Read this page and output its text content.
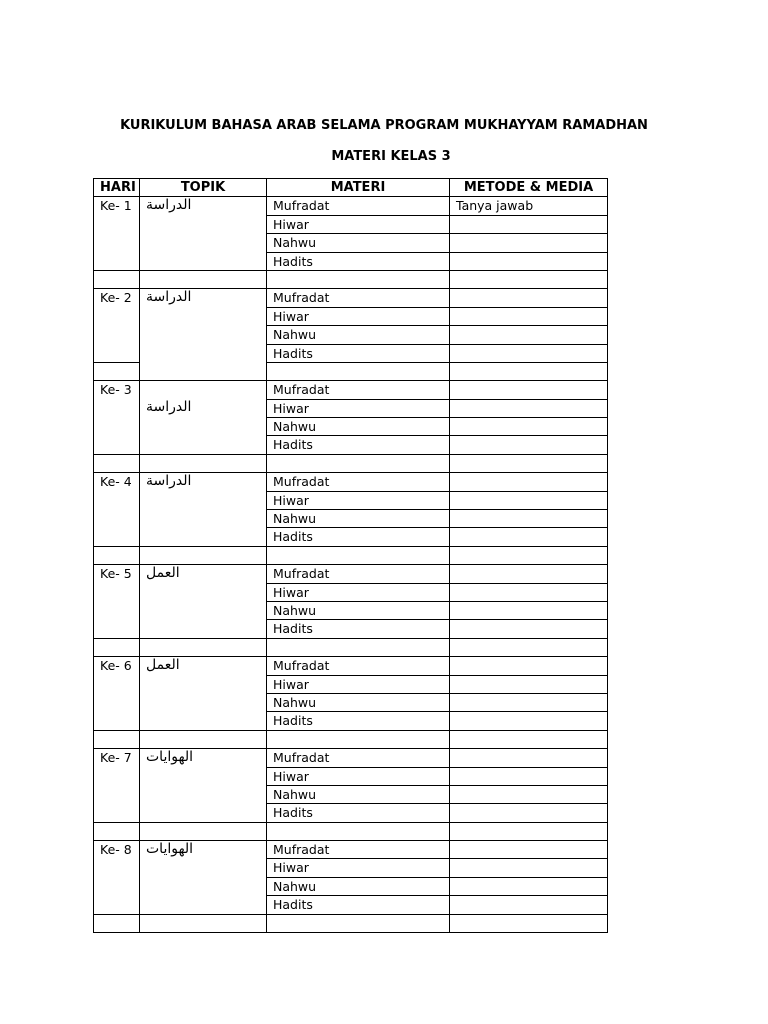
KURIKULUM BAHASA ARAB SELAMA PROGRAM MUKHAYYAM RAMADHAN
MATERI KELAS 3
HARI	TOPIK	MATERI	METODE & MEDIA
Ke- 1	الدراسة	Mufradat	Tanya jawab
		Hiwar	
		Nahwu	
		Hadits	

Ke- 2	الدراسة	Mufradat	
		Hiwar	
		Nahwu	
		Hadits	

Ke- 3	الدراسة	Mufradat	
		Hiwar	
		Nahwu	
		Hadits	

Ke- 4	الدراسة	Mufradat	
		Hiwar	
		Nahwu	
		Hadits	

Ke- 5	العمل	Mufradat	
		Hiwar	
		Nahwu	
		Hadits	

Ke- 6	العمل	Mufradat	
		Hiwar	
		Nahwu	
		Hadits	

Ke- 7	الهوايات	Mufradat	
		Hiwar	
		Nahwu	
		Hadits	

Ke- 8	الهوايات	Mufradat	
		Hiwar	
		Nahwu	
		Hadits	
